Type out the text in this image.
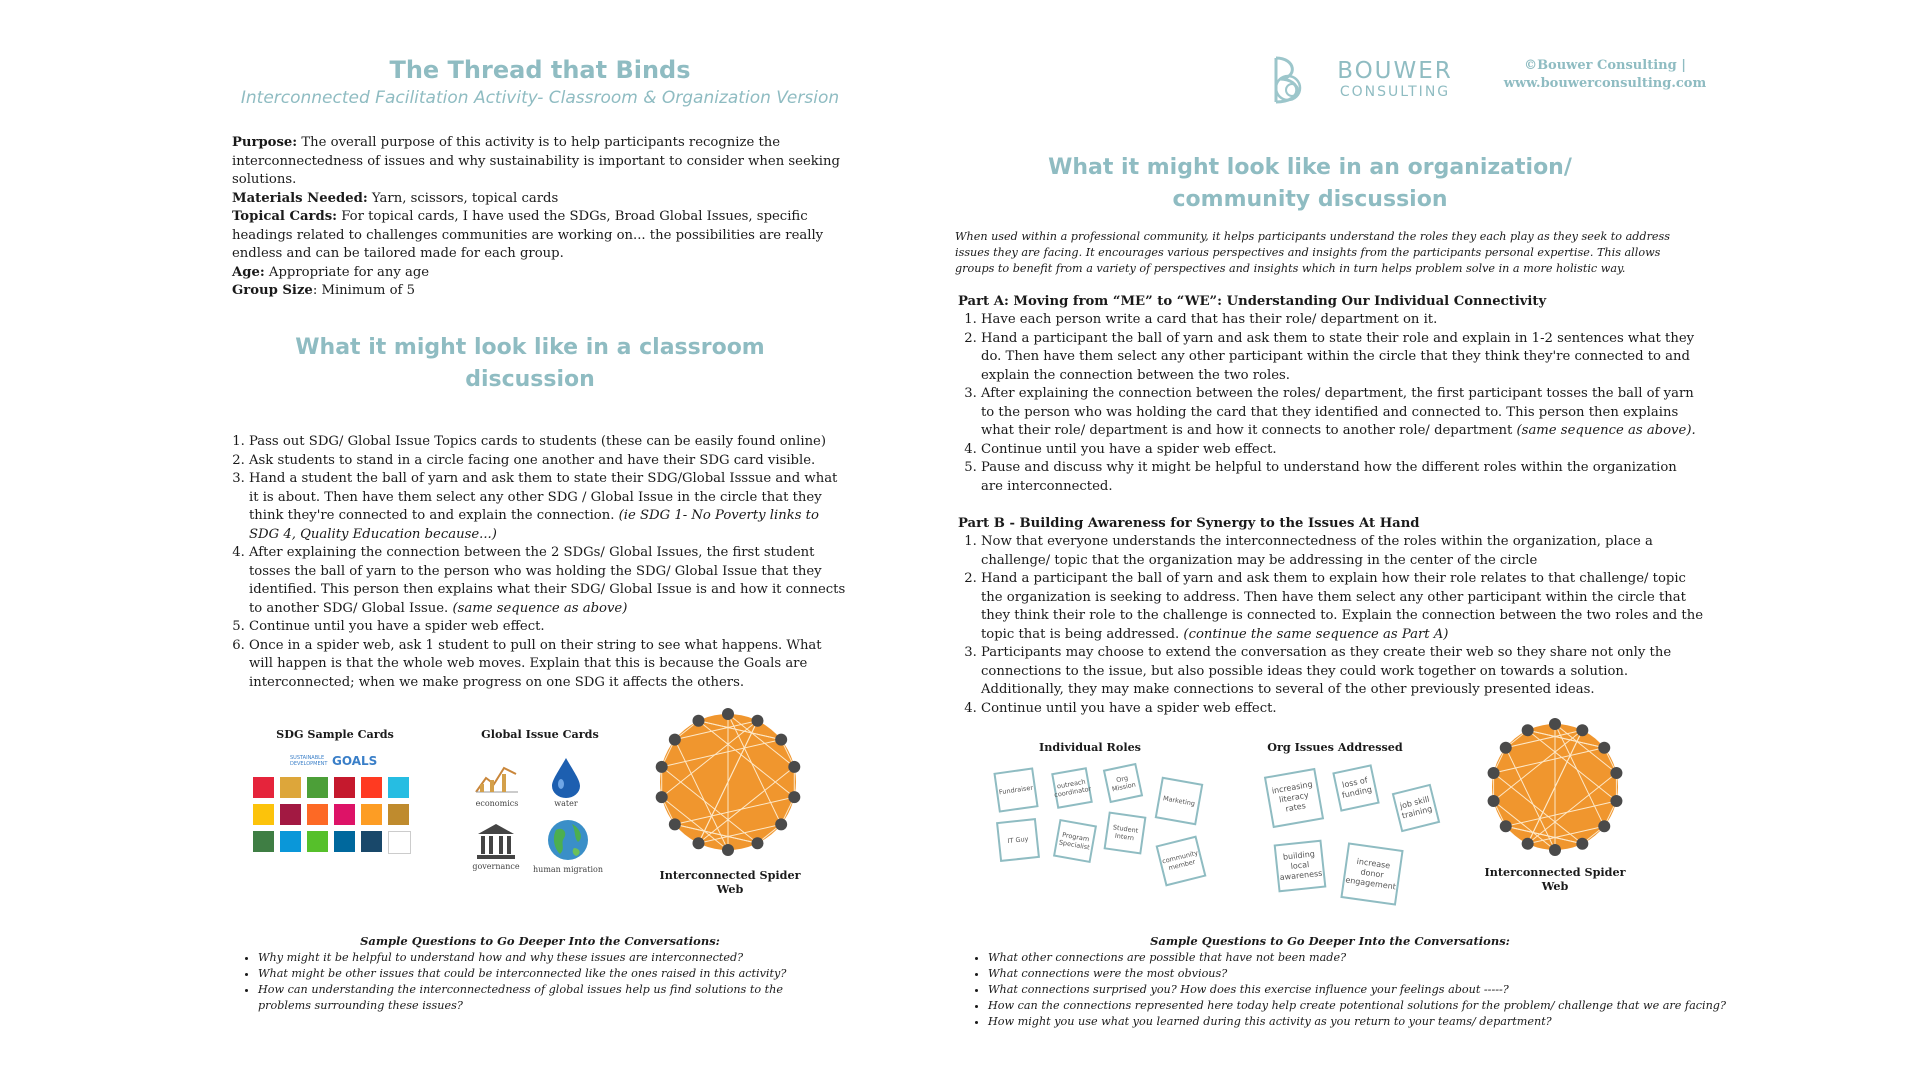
The Thread that Binds
Interconnected Facilitation Activity- Classroom & Organization Version

Purpose: The overall purpose of this activity is to help participants recognize the interconnectedness of issues and why sustainability is important to consider when seeking solutions.

Materials Needed: Yarn, scissors, topical cards

Topical Cards: For topical cards, I have used the SDGs, Broad Global Issues, specific headings related to challenges communities are working on... the possibilities are really endless and can be tailored made for each group.

Age: Appropriate for any age

Group Size: Minimum of 5

What it might look like in a classroom
discussion
1. Pass out SDG/ Global Issue Topics cards to students (these can be easily found online)
2. Ask students to stand in a circle facing one another and have their SDG card visible.
3. Hand a student the ball of yarn and ask them to state their SDG/Global Isssue and what it is about. Then have them select any other SDG / Global Issue in the circle that they think they're connected to and explain the connection. (ie SDG 1- No Poverty links to SDG 4, Quality Education because...)
4. After explaining the connection between the 2 SDGs/ Global Issues, the first student tosses the ball of yarn to the person who was holding the SDG/ Global Issue that they identified. This person then explains what their SDG/ Global Issue is and how it connects to another SDG/ Global Issue. (same sequence as above)
5. Continue until you have a spider web effect.
6. Once in a spider web, ask 1 student to pull on their string to see what happens. What will happen is that the whole web moves. Explain that this is because the Goals are interconnected; when we make progress on one SDG it affects the others.
SDG Sample Cards
SUSTAINABLE DEVELOPMENT GOALS
Global Issue Cards
economics	water
governance	human migration	Interconnected Spider
Web
Sample Questions to Go Deeper Into the Conversations:
• Why might it be helpful to understand how and why these issues are interconnected?
• What might be other issues that could be interconnected like the ones raised in this activity?
• How can understanding the interconnectedness of global issues help us find solutions to the problems surrounding these issues?
BOUWER
CONSULTING
©Bouwer Consulting |
www.bouwerconsulting.com
What it might look like in an organization/
community discussion
When used within a professional community, it helps participants understand the roles they each play as they seek to address issues they are facing. It encourages various perspectives and insights from the participants personal expertise. This allows groups to benefit from a variety of perspectives and insights which in turn helps problem solve in a more holistic way.
Part A: Moving from “ME” to “WE”: Understanding Our Individual Connectivity
1. Have each person write a card that has their role/ department on it.
2. Hand a participant the ball of yarn and ask them to state their role and explain in 1-2 sentences what they do. Then have them select any other participant within the circle that they think they're connected to and explain the connection between the two roles.
3. After explaining the connection between the roles/ department, the first participant tosses the ball of yarn to the person who was holding the card that they identified and connected to. This person then explains what their role/ department is and how it connects to another role/ department (same sequence as above).
4. Continue until you have a spider web effect.
5. Pause and discuss why it might be helpful to understand how the different roles within the organization are interconnected.
Part B - Building Awareness for Synergy to the Issues At Hand
1. Now that everyone understands the interconnectedness of the roles within the organization, place a challenge/ topic that the organization may be addressing in the center of the circle
2. Hand a participant the ball of yarn and ask them to explain how their role relates to that challenge/ topic the organization is seeking to address. Then have them select any other participant within the circle that they think their role to the challenge is connected to. Explain the connection between the two roles and the topic that is being addressed. (continue the same sequence as Part A)
3. Participants may choose to extend the conversation as they create their web so they share not only the connections to the issue, but also possible ideas they could work together on towards a solution. Additionally, they may make connections to several of the other previously presented ideas.
4. Continue until you have a spider web effect.
Individual Roles
Fundraiser	outreach coordinator
Org Mission
Marketing
IT Guy	Program Specialist
Student Intern
community member
Org Issues Addressed
increasing literacy rates
loss of funding
job skill training
building local awareness
increase donor engagement
Interconnected Spider
Web
Sample Questions to Go Deeper Into the Conversations:
• What other connections are possible that have not been made?
• What connections were the most obvious?
• What connections surprised you? How does this exercise influence your feelings about -----?
• How can the connections represented here today help create potentional solutions for the problem/ challenge that we are facing?
• How might you use what you learned during this activity as you return to your teams/ department?
